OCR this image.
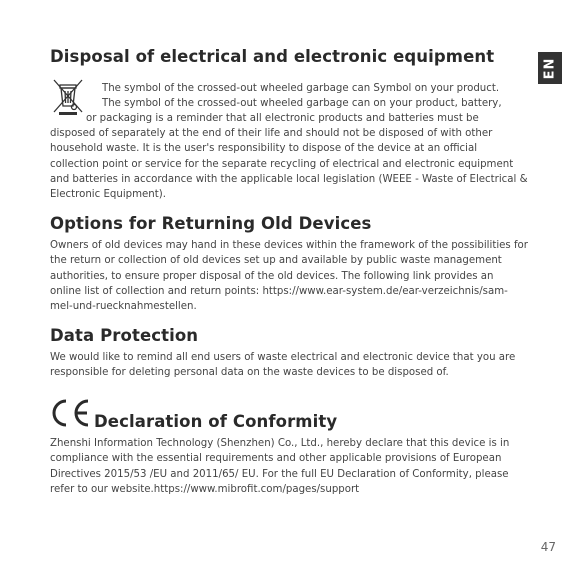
EN
Disposal of electrical and electronic equipment
The symbol of the crossed-out wheeled garbage can Symbol on your product.
The symbol of the crossed-out wheeled garbage can on your product, battery,
or packaging is a reminder that all electronic products and batteries must be
disposed of separately at the end of their life and should not be disposed of with other
household waste. It is the user's responsibility to dispose of the device at an official
collection point or service for the separate recycling of electrical and electronic equipment
and batteries in accordance with the applicable local legislation (WEEE - Waste of Electrical &
Electronic Equipment).
Options for Returning Old Devices
Owners of old devices may hand in these devices within the framework of the possibilities for
the return or collection of old devices set up and available by public waste management
authorities, to ensure proper disposal of the old devices. The following link provides an
online list of collection and return points: https://www.ear-system.de/ear-verzeichnis/sam-
mel-und-ruecknahmestellen.
Data Protection
We would like to remind all end users of waste electrical and electronic device that you are
responsible for deleting personal data on the waste devices to be disposed of.
Declaration of Conformity
Zhenshi Information Technology (Shenzhen) Co., Ltd., hereby declare that this device is in
compliance with the essential requirements and other applicable provisions of European
Directives 2015/53 /EU and 2011/65/ EU. For the full EU Declaration of Conformity, please
refer to our website.https://www.mibrofit.com/pages/support
47
